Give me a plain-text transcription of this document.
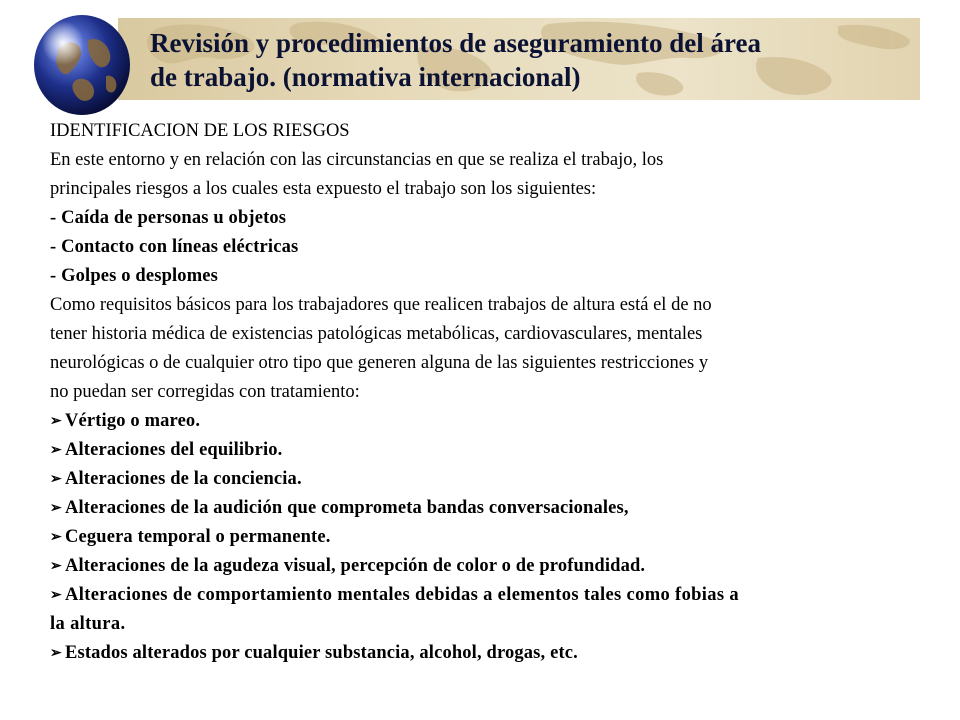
Revisión y procedimientos de aseguramiento del área
de trabajo. (normativa internacional)

IDENTIFICACION DE LOS RIESGOS

En este entorno y en relación con las circunstancias en que se realiza el trabajo, los

principales riesgos a los cuales esta expuesto el trabajo son los siguientes:

- Caída de personas u objetos

- Contacto con líneas eléctricas

- Golpes o desplomes

Como requisitos básicos para los trabajadores que realicen trabajos de altura está el de no

tener historia médica de existencias patológicas metabólicas, cardiovasculares, mentales

neurológicas o de cualquier otro tipo que generen alguna de las siguientes restricciones y

no puedan ser corregidas con tratamiento:

➢ Vértigo o mareo.

➢ Alteraciones del equilibrio.

➢ Alteraciones de la conciencia.

➢ Alteraciones de la audición que comprometa bandas conversacionales,

➢ Ceguera temporal o permanente.

➢ Alteraciones de la agudeza visual, percepción de color o de profundidad.

➢ Alteraciones de comportamiento mentales debidas a elementos tales como fobias a

la altura.

➢ Estados alterados por cualquier substancia, alcohol, drogas, etc.
